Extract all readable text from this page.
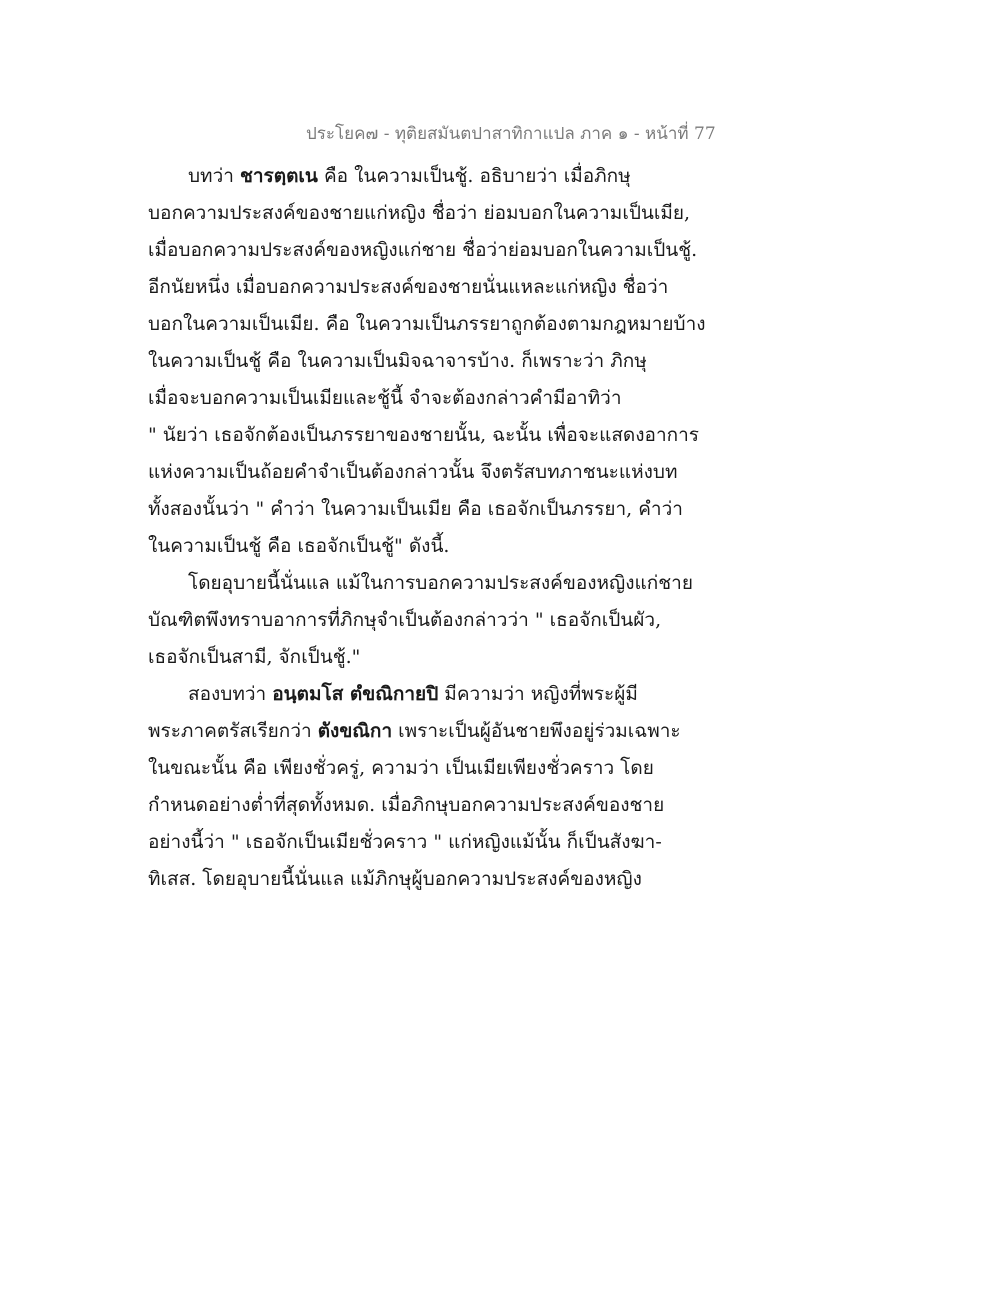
ประโยค๗ - ทุติยสมันตปาสาทิกาแปล ภาค ๑ - หน้าที่ 77
บทว่า ชารตฺตเน คือ ในความเป็นชู้. อธิบายว่า เมื่อภิกษุ
บอกความประสงค์ของชายแก่หญิง ชื่อว่า ย่อมบอกในความเป็นเมีย,
เมื่อบอกความประสงค์ของหญิงแก่ชาย ชื่อว่าย่อมบอกในความเป็นชู้.
อีกนัยหนึ่ง เมื่อบอกความประสงค์ของชายนั่นแหละแก่หญิง ชื่อว่า
บอกในความเป็นเมีย. คือ ในความเป็นภรรยาถูกต้องตามกฎหมายบ้าง
ในความเป็นชู้ คือ ในความเป็นมิจฉาจารบ้าง. ก็เพราะว่า ภิกษุ
เมื่อจะบอกความเป็นเมียและชู้นี้ จำจะต้องกล่าวคำมีอาทิว่า
" นัยว่า เธอจักต้องเป็นภรรยาของชายนั้น, ฉะนั้น เพื่อจะแสดงอาการ
แห่งความเป็นถ้อยคำจำเป็นต้องกล่าวนั้น จึงตรัสบทภาชนะแห่งบท
ทั้งสองนั้นว่า " คำว่า ในความเป็นเมีย คือ เธอจักเป็นภรรยา, คำว่า
ในความเป็นชู้ คือ เธอจักเป็นชู้" ดังนี้.
โดยอุบายนี้นั่นแล แม้ในการบอกความประสงค์ของหญิงแก่ชาย
บัณฑิตพึงทราบอาการที่ภิกษุจำเป็นต้องกล่าวว่า " เธอจักเป็นผัว,
เธอจักเป็นสามี, จักเป็นชู้."
สองบทว่า อนฺตมโส ตํขณิกายปิ มีความว่า หญิงที่พระผู้มี
พระภาคตรัสเรียกว่า ตังขณิกา เพราะเป็นผู้อันชายพึงอยู่ร่วมเฉพาะ
ในขณะนั้น คือ เพียงชั่วครู่, ความว่า เป็นเมียเพียงชั่วคราว โดย
กำหนดอย่างต่ำที่สุดทั้งหมด. เมื่อภิกษุบอกความประสงค์ของชาย
อย่างนี้ว่า " เธอจักเป็นเมียชั่วคราว " แก่หญิงแม้นั้น ก็เป็นสังฆา-
ทิเสส. โดยอุบายนี้นั่นแล แม้ภิกษุผู้บอกความประสงค์ของหญิง
